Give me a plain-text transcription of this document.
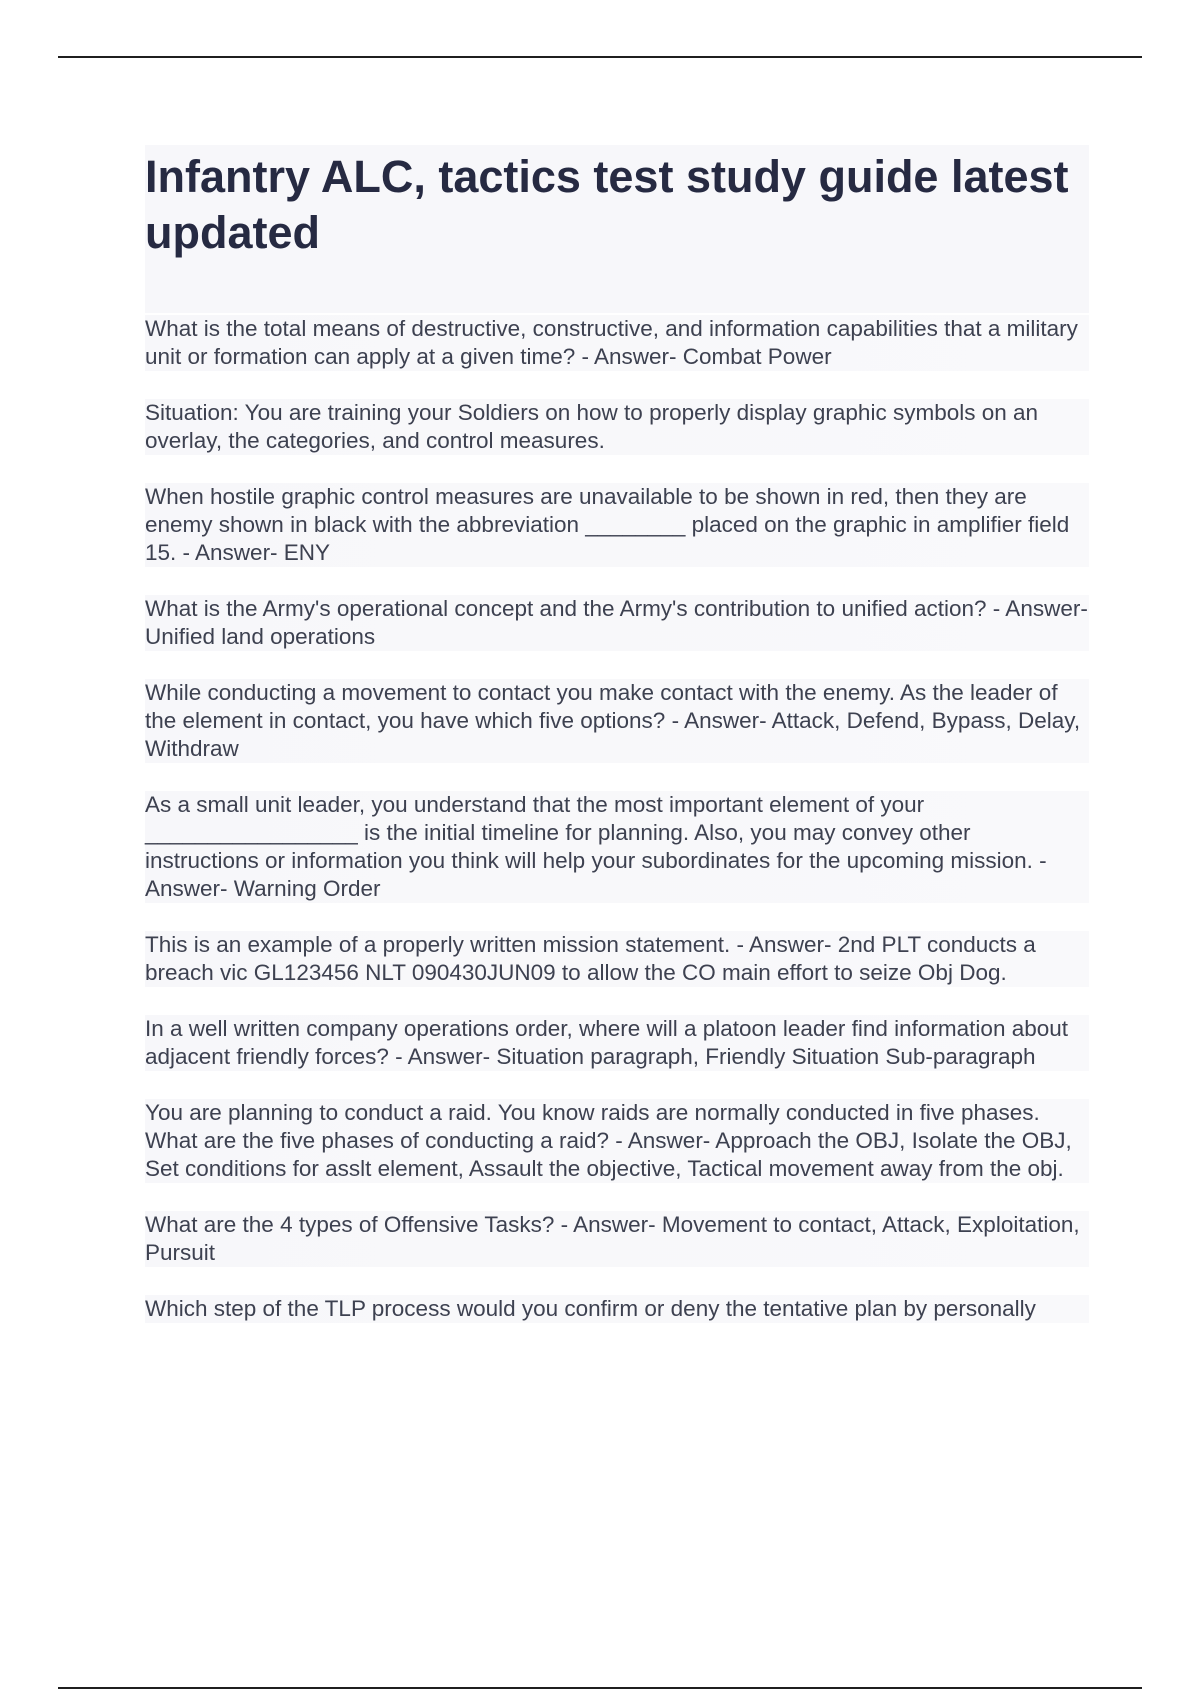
Infantry ALC, tactics test study guide latest updated

What is the total means of destructive, constructive, and information capabilities that a military unit or formation can apply at a given time? - Answer- Combat Power

Situation: You are training your Soldiers on how to properly display graphic symbols on an overlay, the categories, and control measures.

When hostile graphic control measures are unavailable to be shown in red, then they are enemy shown in black with the abbreviation ________ placed on the graphic in amplifier field 15. - Answer- ENY

What is the Army's operational concept and the Army's contribution to unified action? - Answer- Unified land operations

While conducting a movement to contact you make contact with the enemy. As the leader of the element in contact, you have which five options? - Answer- Attack, Defend, Bypass, Delay, Withdraw

As a small unit leader, you understand that the most important element of your _________________ is the initial timeline for planning. Also, you may convey other instructions or information you think will help your subordinates for the upcoming mission. - Answer- Warning Order

This is an example of a properly written mission statement. - Answer- 2nd PLT conducts a breach vic GL123456 NLT 090430JUN09 to allow the CO main effort to seize Obj Dog.

In a well written company operations order, where will a platoon leader find information about adjacent friendly forces? - Answer- Situation paragraph, Friendly Situation Sub-paragraph

You are planning to conduct a raid. You know raids are normally conducted in five phases. What are the five phases of conducting a raid? - Answer- Approach the OBJ, Isolate the OBJ, Set conditions for asslt element, Assault the objective, Tactical movement away from the obj.

What are the 4 types of Offensive Tasks? - Answer- Movement to contact, Attack, Exploitation, Pursuit

Which step of the TLP process would you confirm or deny the tentative plan by personally
